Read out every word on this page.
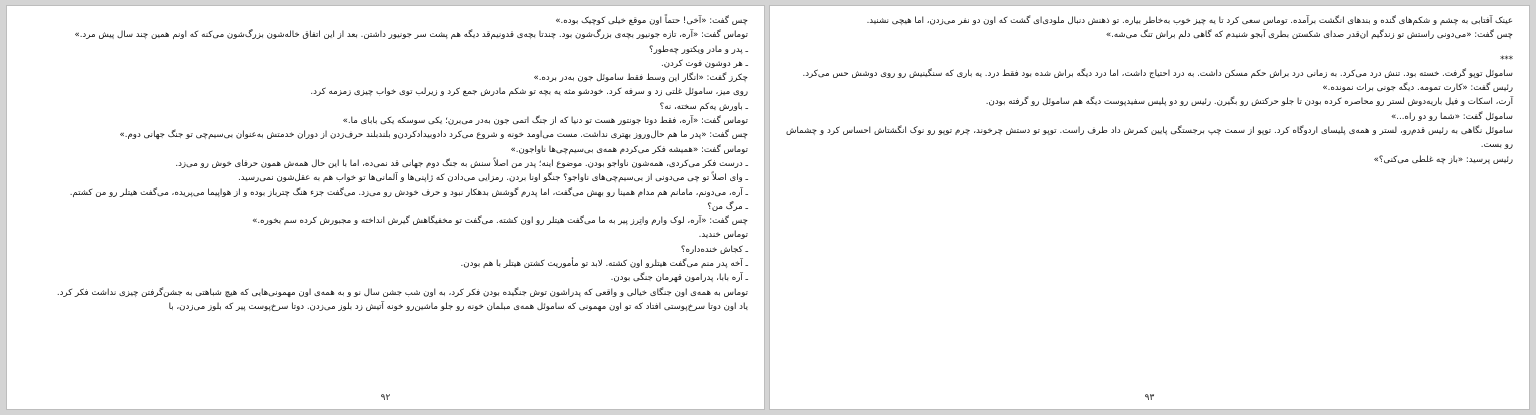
چس گفت: «آخی! حتماً اون موقع خیلی کوچیک بوده.»

توماس گفت: «آره، تازه جونیور بچه‌ی بزرگ‌شون بود. چندتا بچه‌ی قدونیم‌قد دیگه هم پشت سر جونیور داشتن. بعد از این اتفاق خاله‌شون بزرگ‌شون می‌کنه که اونم همین چند سال پیش مرد.»

ـ پدر و مادر ویکتور چه‌طور؟

ـ هر دوشون فوت کردن.

چکرز گفت: «انگار این وسط فقط ساموئل جون به‌در برده.»

روی میز، ساموئل غلتی زد و سرفه کرد. خودشو مثه یه بچه تو شکم مادرش جمع کرد و زیرلب توی خواب چیزی زمزمه کرد.

ـ باورش یه‌کم سخته، نه؟

توماس گفت: «آره، فقط دوتا جونتور هست تو دنیا که از جنگ اتمی جون به‌در می‌برن؛ یکی سوسکه یکی بابای ما.»

چس گفت: «پدر ما هم حال‌وروز بهتری نداشت. مست می‌اومد خونه و شروع می‌کرد داد‌وبیدادکردن‌و بلندبلند حرف‌زدن از دوران خدمتش به‌عنوان بی‌سیم‌چی تو جنگ جهانی دوم.»

توماس گفت: «همیشه فکر می‌کردم همه‌ی بی‌سیم‌چی‌ها ناواجون.»

ـ درست فکر می‌کردی، همه‌شون ناواجو بودن. موضوع اینه؛ پدر من اصلاً سنش به جنگ دوم جهانی قد نمی‌ده، اما با این حال همه‌ش همون حرفای خوش رو می‌زد.

ـ وای اصلاً تو چی می‌دونی از بی‌سیم‌چی‌های ناواجو؟ جنگو اونا بردن. رمزایی می‌دادن که ژاپنی‌ها و آلمانی‌ها تو خواب هم به عقل‌شون نمی‌رسید.

ـ آره، می‌دونم، مامانم هم مدام همینا رو بهش می‌گفت، اما پدرم گوشش بدهکار نبود و حرف خودش رو می‌زد. می‌گفت جزء هنگ چترباز بوده و از هواپیما می‌پریده، می‌گفت هیتلر رو من کشتم.

ـ مرگ من؟

چس گفت: «آره، لوک وارم واتِرز پیر به ما می‌گفت هیتلر رو اون کشته. می‌گفت تو مخفیگاهش گیرش انداخته و مجبورش کرده سم بخوره.»

توماس خندید.

ـ کجاش خنده‌داره؟

ـ آخه پدر منم می‌گفت هیتلرو اون کشته. لابد تو مأموریت کشتن هیتلر با هم بودن.

ـ آره بابا، پدرامون قهرمان جنگی بودن.

توماس به همه‌ی اون جنگای خیالی و واقعی که پدراشون توش جنگیده بودن فکر کرد، به اون شب جشن سال نو و به همه‌ی اون مهمونی‌هایی که هیچ شباهتی به جشن‌گرفتن چیزی نداشت فکر کرد.

یاد اون دوتا سرخ‌پوستی افتاد که تو اون مهمونی که ساموئل همه‌ی مبلمان خونه رو جلو ماشین‌رو خونه آتیش زد بلوز می‌زدن. دوتا سرخ‌پوست پیر که بلوز می‌زدن، با

۹۲

عینک آفتابی به چشم و شکم‌های گنده و بندهای انگشت برآمده. توماس سعی کرد تا یه چیز خوب به‌خاطر بیاره. تو ذهنش دنبال ملودی‌ای گشت که اون دو نفر می‌زدن، اما هیچی نشنید.

چس گفت: «می‌دونی راستش تو زندگیم ان‌قدر صدای شکستن بطری آبجو شنیدم که گاهی دلم براش تنگ می‌شه.»

***

ساموئل توپو گرفت. خسته بود. تنش درد می‌کرد. به زمانی درد براش حکم مسکن داشت. به درد احتیاج داشت، اما درد دیگه براش شده بود فقط درد. یه باری که سنگینیش رو روی دوشش حس می‌کرد.

رئیس گفت: «کارت تمومه. دیگه جونی برات نمونده.»

آرت، اسکات و فیل باریه‌دوش لستر رو محاصره کرده بودن تا جلو حرکتش رو بگیرن. رئیس رو دو پلیس سفیدپوست دیگه هم ساموئل رو گرفته بودن.

ساموئل گفت: «شما رو دو راه...»

ساموئل نگاهی به رئیس قدم‌رو، لستر و همه‌ی پلیسای اردوگاه کرد. توپو از سمت چپ برجستگی پایین کمرش داد طرف راست. توپو تو دستش چرخوند، چرم توپو رو نوک انگشتاش احساس کرد و چشماش رو بست.

رئیس پرسید: «باز چه غلطی می‌کنی؟»

۹۳
